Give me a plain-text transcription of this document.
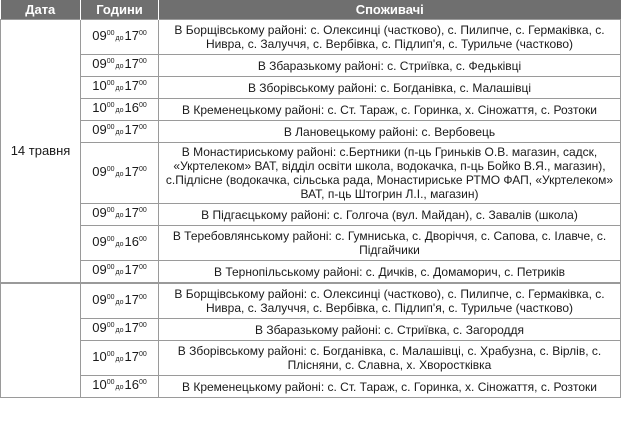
Дата	Години	Споживачі
14 травня	$09^{00}до17^{00}$	В Борщівському районі: с. Олексинці (частково), с. Пилипче, с. Гермаківка, с. Нивра, с. Залуччя, с. Вербівка, с. Підлип'я, с. Турильче (частково)
	$09^{00}до17^{00}$	В Збаразькому районі: с. Стриївка, с. Федьківці
	$10^{00}до17^{00}$	В Зборівському районі: с. Богданівка, с. Малашівці
	$10^{00}до16^{00}$	В Кременецькому районі: с. Ст. Тараж, с. Горинка, х. Сіножаття, с. Розтоки
	$09^{00}до17^{00}$	В Лановецькому районі: с. Вербовець
	$09^{00}до17^{00}$	В Монастириському районі: с.Бертники (п-ць Гриньків О.В. магазин, садск, «Укртелеком» ВАТ, відділ освіти школа, водокачка, п-ць Бойко В.Я., магазин), с.Підлісне (водокачка, сільська рада, Монастириське РТМО ФАП, «Укртелеком» ВАТ, п-ць Штогрин Л.І., магазин)
	$09^{00}до17^{00}$	В Підгаєцькому районі: с. Голгоча (вул. Майдан), с. Завалів (школа)
	$09^{00}до16^{00}$	В Теребовлянському районі: с. Гумниська, с. Дворіччя, с. Сапова, с. Ілавче, с. Підгайчики
	$09^{00}до17^{00}$	В Тернопільському районі: с. Дичків, с. Домаморич, с. Петриків
	$09^{00}до17^{00}$	В Борщівському районі: с. Олексинці (частково), с. Пилипче, с. Гермаківка, с. Нивра, с. Залуччя, с. Вербівка, с. Підлип'я, с. Турильче (частково)
	$09^{00}до17^{00}$	В Збаразькому районі: с. Стриївка, с. Загороддя
	$10^{00}до17^{00}$	В Зборівському районі: с. Богданівка, с. Малашівці, с. Храбузна, с. Вірлів, с. Плісняни, с. Славна, х. Хворостківка
	$10^{00}до16^{00}$	В Кременецькому районі: с. Ст. Тараж, с. Горинка, х. Сіножаття, с. Розтоки
